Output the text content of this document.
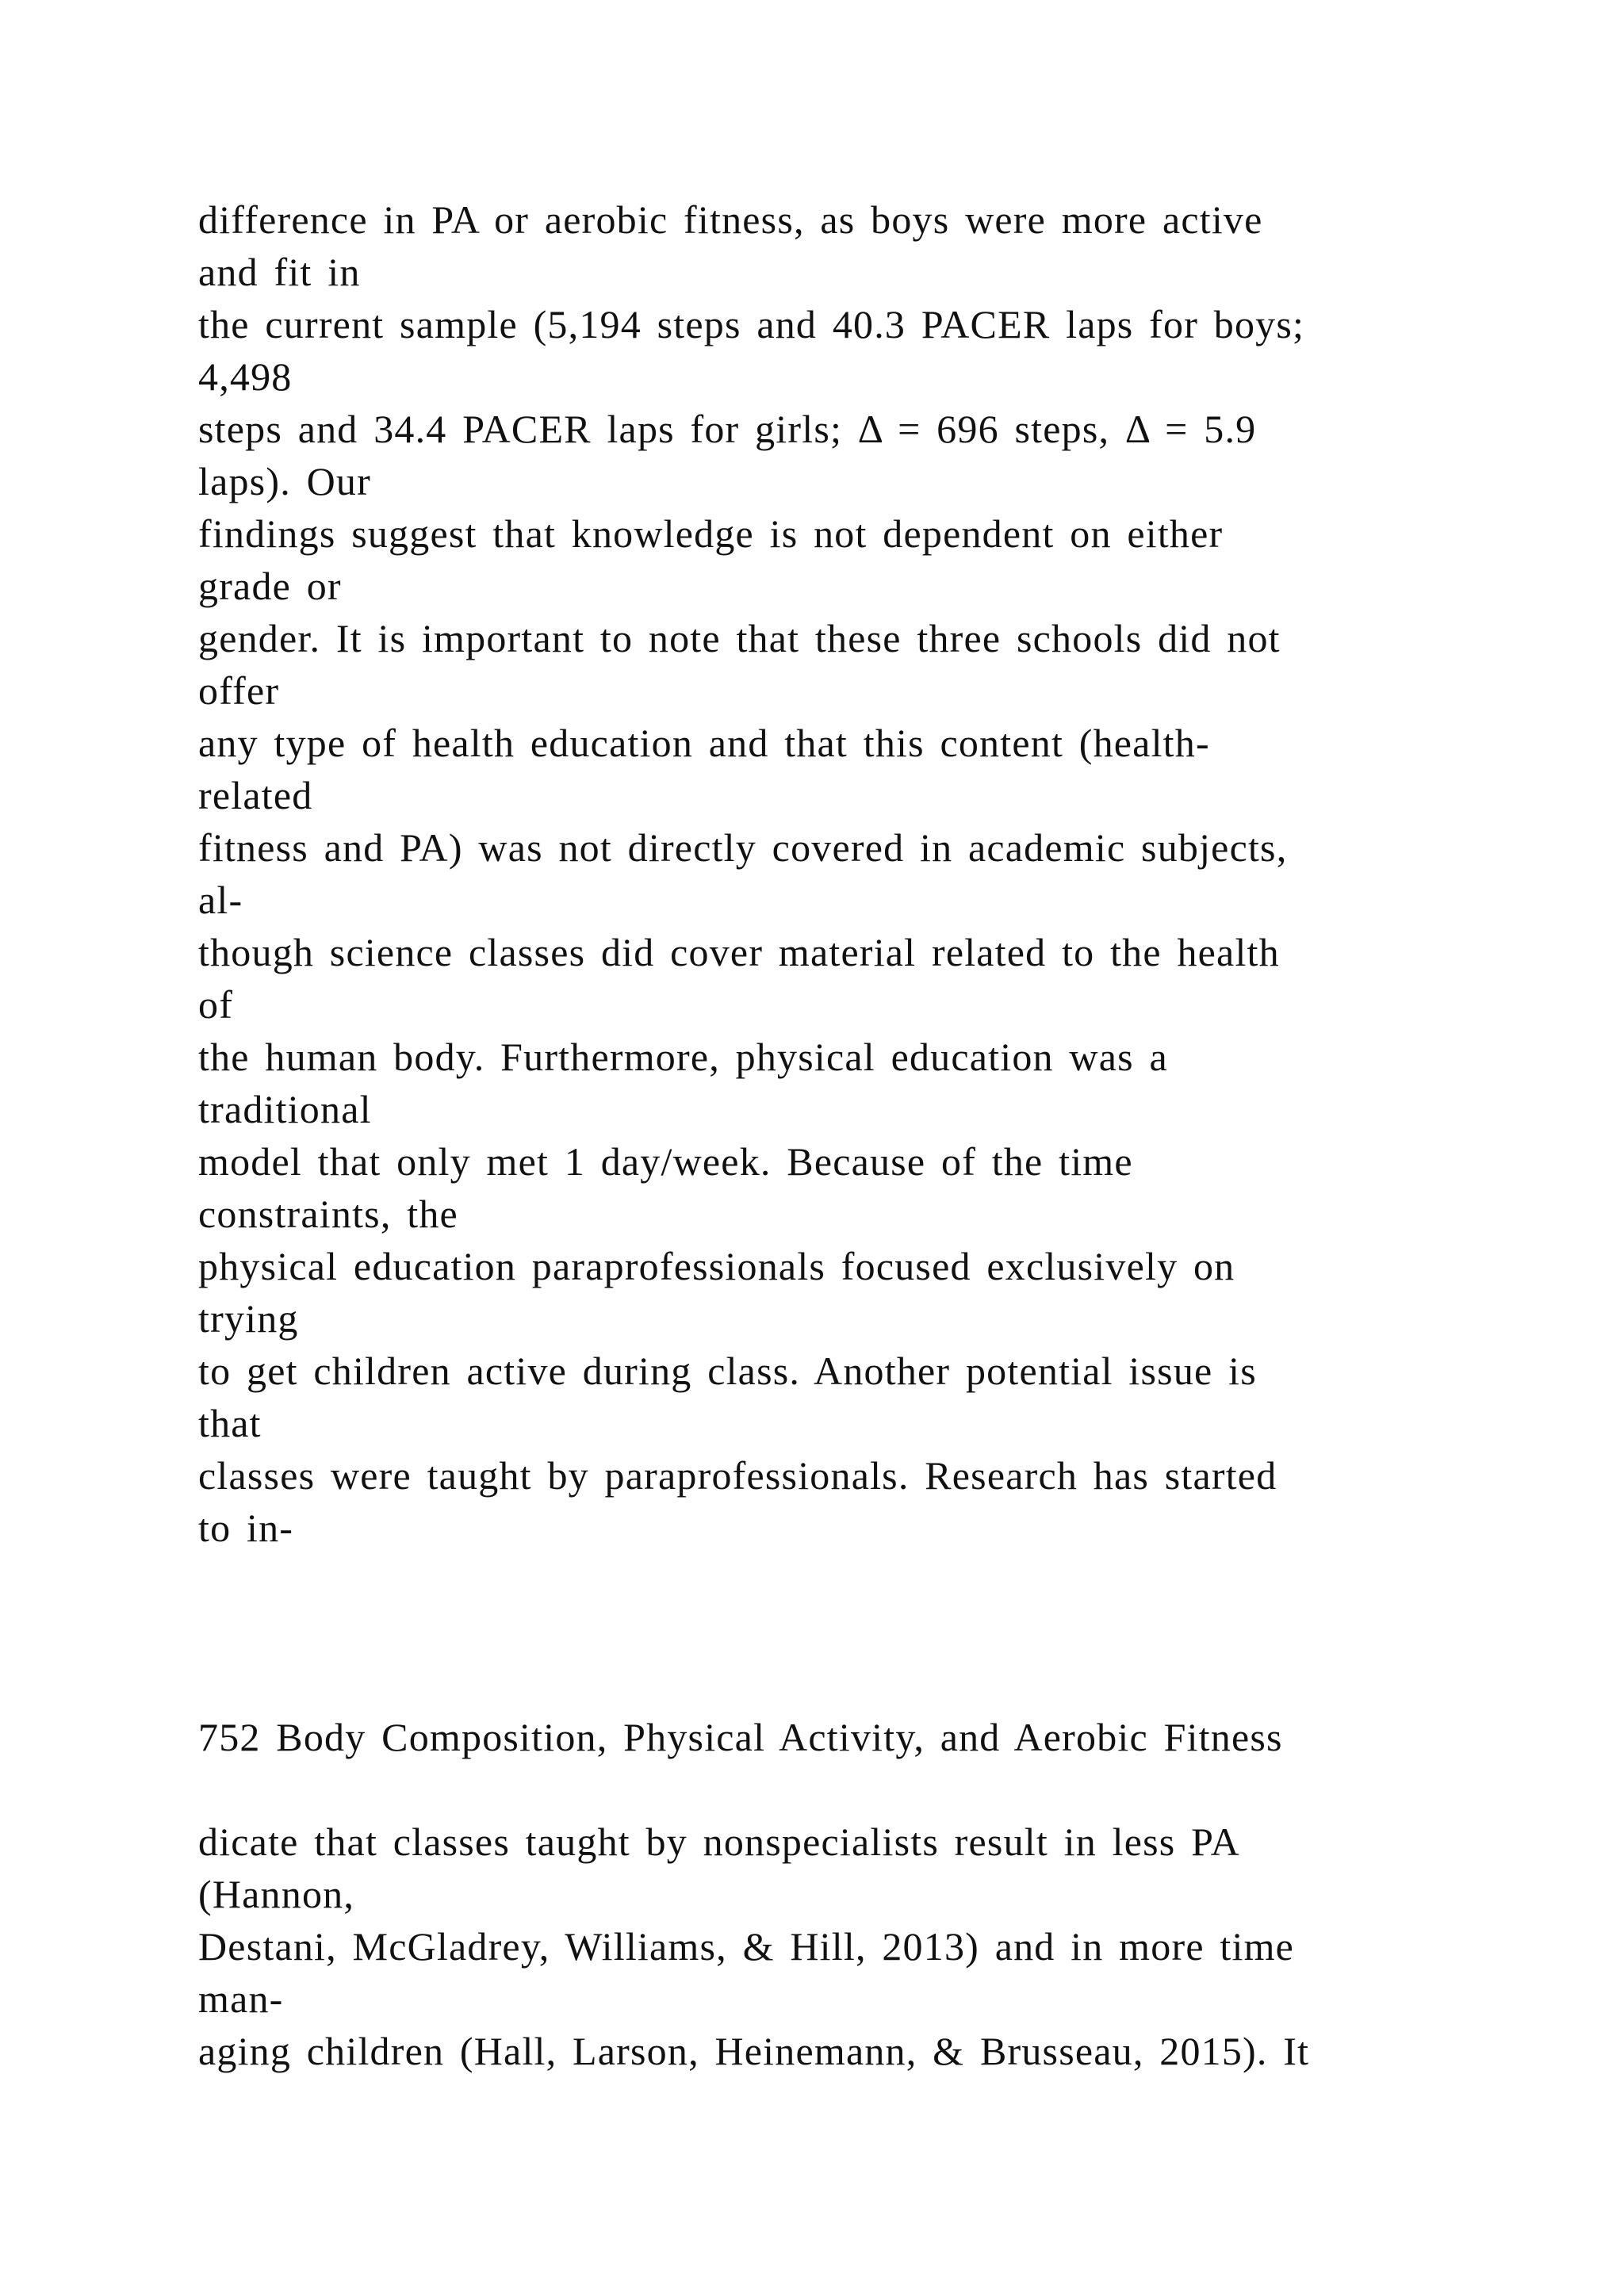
difference in PA or aerobic fitness, as boys were more active
and fit in
the current sample (5,194 steps and 40.3 PACER laps for boys;
4,498
steps and 34.4 PACER laps for girls; Δ = 696 steps, Δ = 5.9
laps). Our
findings suggest that knowledge is not dependent on either
grade or
gender. It is important to note that these three schools did not
offer
any type of health education and that this content (health-
related
fitness and PA) was not directly covered in academic subjects,
al-
though science classes did cover material related to the health
of
the human body. Furthermore, physical education was a
traditional
model that only met 1 day/week. Because of the time
constraints, the
physical education paraprofessionals focused exclusively on
trying
to get children active during class. Another potential issue is
that
classes were taught by paraprofessionals. Research has started
to in-
752 Body Composition, Physical Activity, and Aerobic Fitness
dicate that classes taught by nonspecialists result in less PA
(Hannon,
Destani, McGladrey, Williams, & Hill, 2013) and in more time
man-
aging children (Hall, Larson, Heinemann, & Brusseau, 2015). It
